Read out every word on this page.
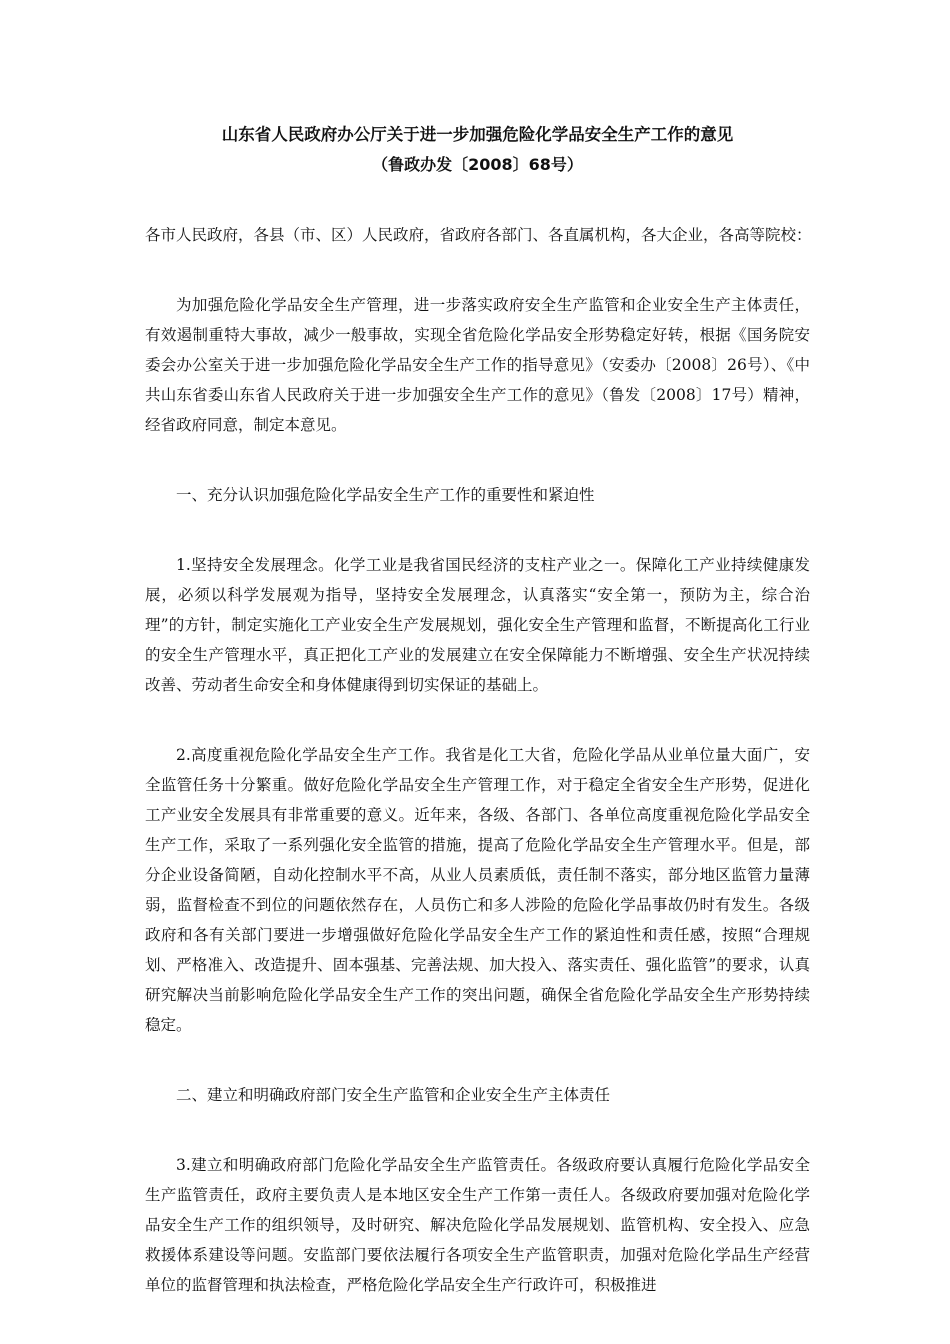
山东省人民政府办公厅关于进一步加强危险化学品安全生产工作的意见
（鲁政办发〔2008〕68号）

各市人民政府，各县（市、区）人民政府，省政府各部门、各直属机构，各大企业，各高等院校：

为加强危险化学品安全生产管理，进一步落实政府安全生产监管和企业安全生产主体责任，有效遏制重特大事故，减少一般事故，实现全省危险化学品安全形势稳定好转，根据《国务院安委会办公室关于进一步加强危险化学品安全生产工作的指导意见》（安委办〔2008〕26号）、《中共山东省委山东省人民政府关于进一步加强安全生产工作的意见》（鲁发〔2008〕17号）精神，经省政府同意，制定本意见。

一、充分认识加强危险化学品安全生产工作的重要性和紧迫性

1.坚持安全发展理念。化学工业是我省国民经济的支柱产业之一。保障化工产业持续健康发展，必须以科学发展观为指导，坚持安全发展理念，认真落实“安全第一，预防为主，综合治理”的方针，制定实施化工产业安全生产发展规划，强化安全生产管理和监督，不断提高化工行业的安全生产管理水平，真正把化工产业的发展建立在安全保障能力不断增强、安全生产状况持续改善、劳动者生命安全和身体健康得到切实保证的基础上。

2.高度重视危险化学品安全生产工作。我省是化工大省，危险化学品从业单位量大面广，安全监管任务十分繁重。做好危险化学品安全生产管理工作，对于稳定全省安全生产形势，促进化工产业安全发展具有非常重要的意义。近年来，各级、各部门、各单位高度重视危险化学品安全生产工作，采取了一系列强化安全监管的措施，提高了危险化学品安全生产管理水平。但是，部分企业设备简陋，自动化控制水平不高，从业人员素质低，责任制不落实，部分地区监管力量薄弱，监督检查不到位的问题依然存在，人员伤亡和多人涉险的危险化学品事故仍时有发生。各级政府和各有关部门要进一步增强做好危险化学品安全生产工作的紧迫性和责任感，按照“合理规划、严格准入、改造提升、固本强基、完善法规、加大投入、落实责任、强化监管”的要求，认真研究解决当前影响危险化学品安全生产工作的突出问题，确保全省危险化学品安全生产形势持续稳定。

二、建立和明确政府部门安全生产监管和企业安全生产主体责任

3.建立和明确政府部门危险化学品安全生产监管责任。各级政府要认真履行危险化学品安全生产监管责任，政府主要负责人是本地区安全生产工作第一责任人。各级政府要加强对危险化学品安全生产工作的组织领导，及时研究、解决危险化学品发展规划、监管机构、安全投入、应急救援体系建设等问题。安监部门要依法履行各项安全生产监管职责，加强对危险化学品生产经营单位的监督管理和执法检查，严格危险化学品安全生产行政许可，积极推进
